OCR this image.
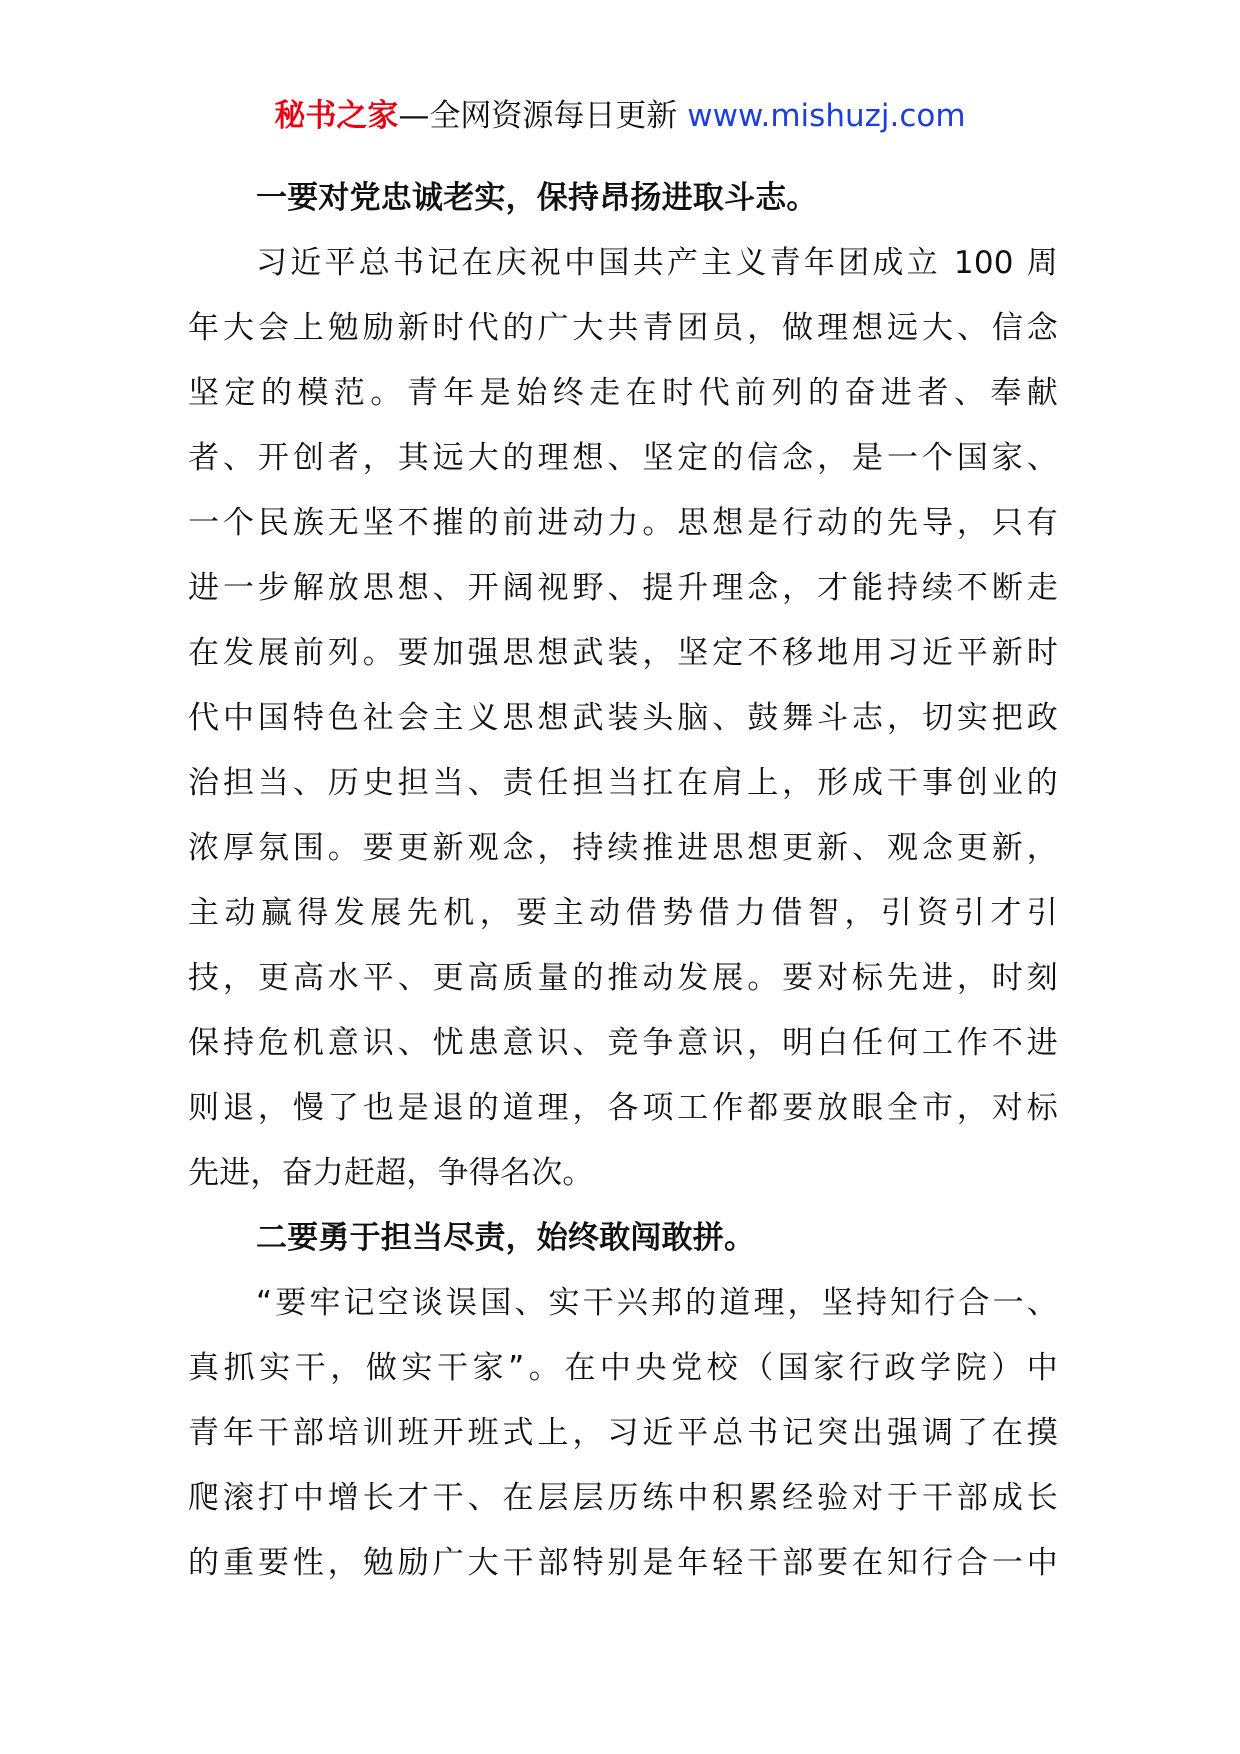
秘书之家—全网资源每日更新 www.mishuzj.com
一要对党忠诚老实，保持昂扬进取斗志。
习近平总书记在庆祝中国共产主义青年团成立 100 周
年大会上勉励新时代的广大共青团员，做理想远大、信念
坚定的模范。青年是始终走在时代前列的奋进者、奉献
者、开创者，其远大的理想、坚定的信念，是一个国家、
一个民族无坚不摧的前进动力。思想是行动的先导，只有
进一步解放思想、开阔视野、提升理念，才能持续不断走
在发展前列。要加强思想武装，坚定不移地用习近平新时
代中国特色社会主义思想武装头脑、鼓舞斗志，切实把政
治担当、历史担当、责任担当扛在肩上，形成干事创业的
浓厚氛围。要更新观念，持续推进思想更新、观念更新，
主动赢得发展先机，要主动借势借力借智，引资引才引
技，更高水平、更高质量的推动发展。要对标先进，时刻
保持危机意识、忧患意识、竞争意识，明白任何工作不进
则退，慢了也是退的道理，各项工作都要放眼全市，对标
先进，奋力赶超，争得名次。
二要勇于担当尽责，始终敢闯敢拼。
“要牢记空谈误国、实干兴邦的道理，坚持知行合一、
真抓实干，做实干家”。在中央党校（国家行政学院）中
青年干部培训班开班式上，习近平总书记突出强调了在摸
爬滚打中增长才干、在层层历练中积累经验对于干部成长
的重要性，勉励广大干部特别是年轻干部要在知行合一中
